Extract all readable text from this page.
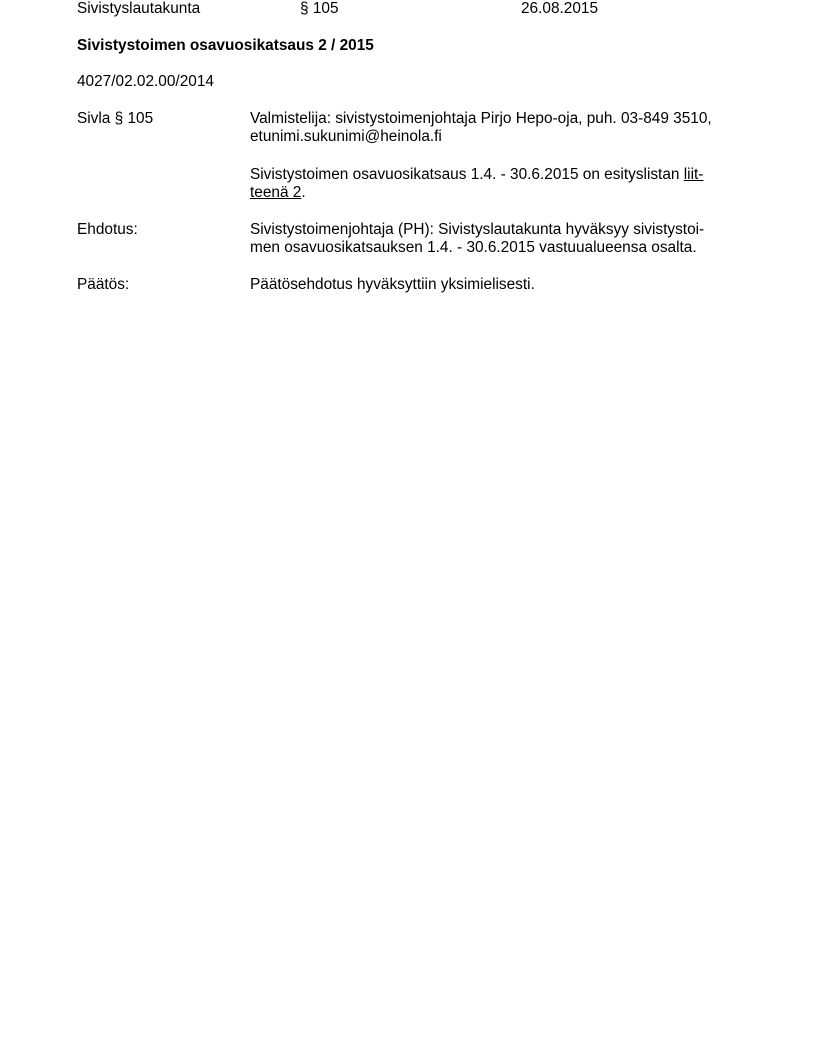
Sivistyslautakunta	§ 105	26.08.2015
Sivistystoimen osavuosikatsaus 2 / 2015
4027/02.02.00/2014
Sivla § 105	Valmistelija: sivistystoimenjohtaja Pirjo Hepo-oja, puh. 03-849 3510,
etunimi.sukunimi@heinola.fi
Sivistystoimen osavuosikatsaus 1.4. - 30.6.2015 on esityslistan liit-
teenä 2.
Ehdotus:	Sivistystoimenjohtaja (PH): Sivistyslautakunta hyväksyy sivistystoi-
men osavuosikatsauksen 1.4. - 30.6.2015 vastuualueensa osalta.
Päätös:	Päätösehdotus hyväksyttiin yksimielisesti.
